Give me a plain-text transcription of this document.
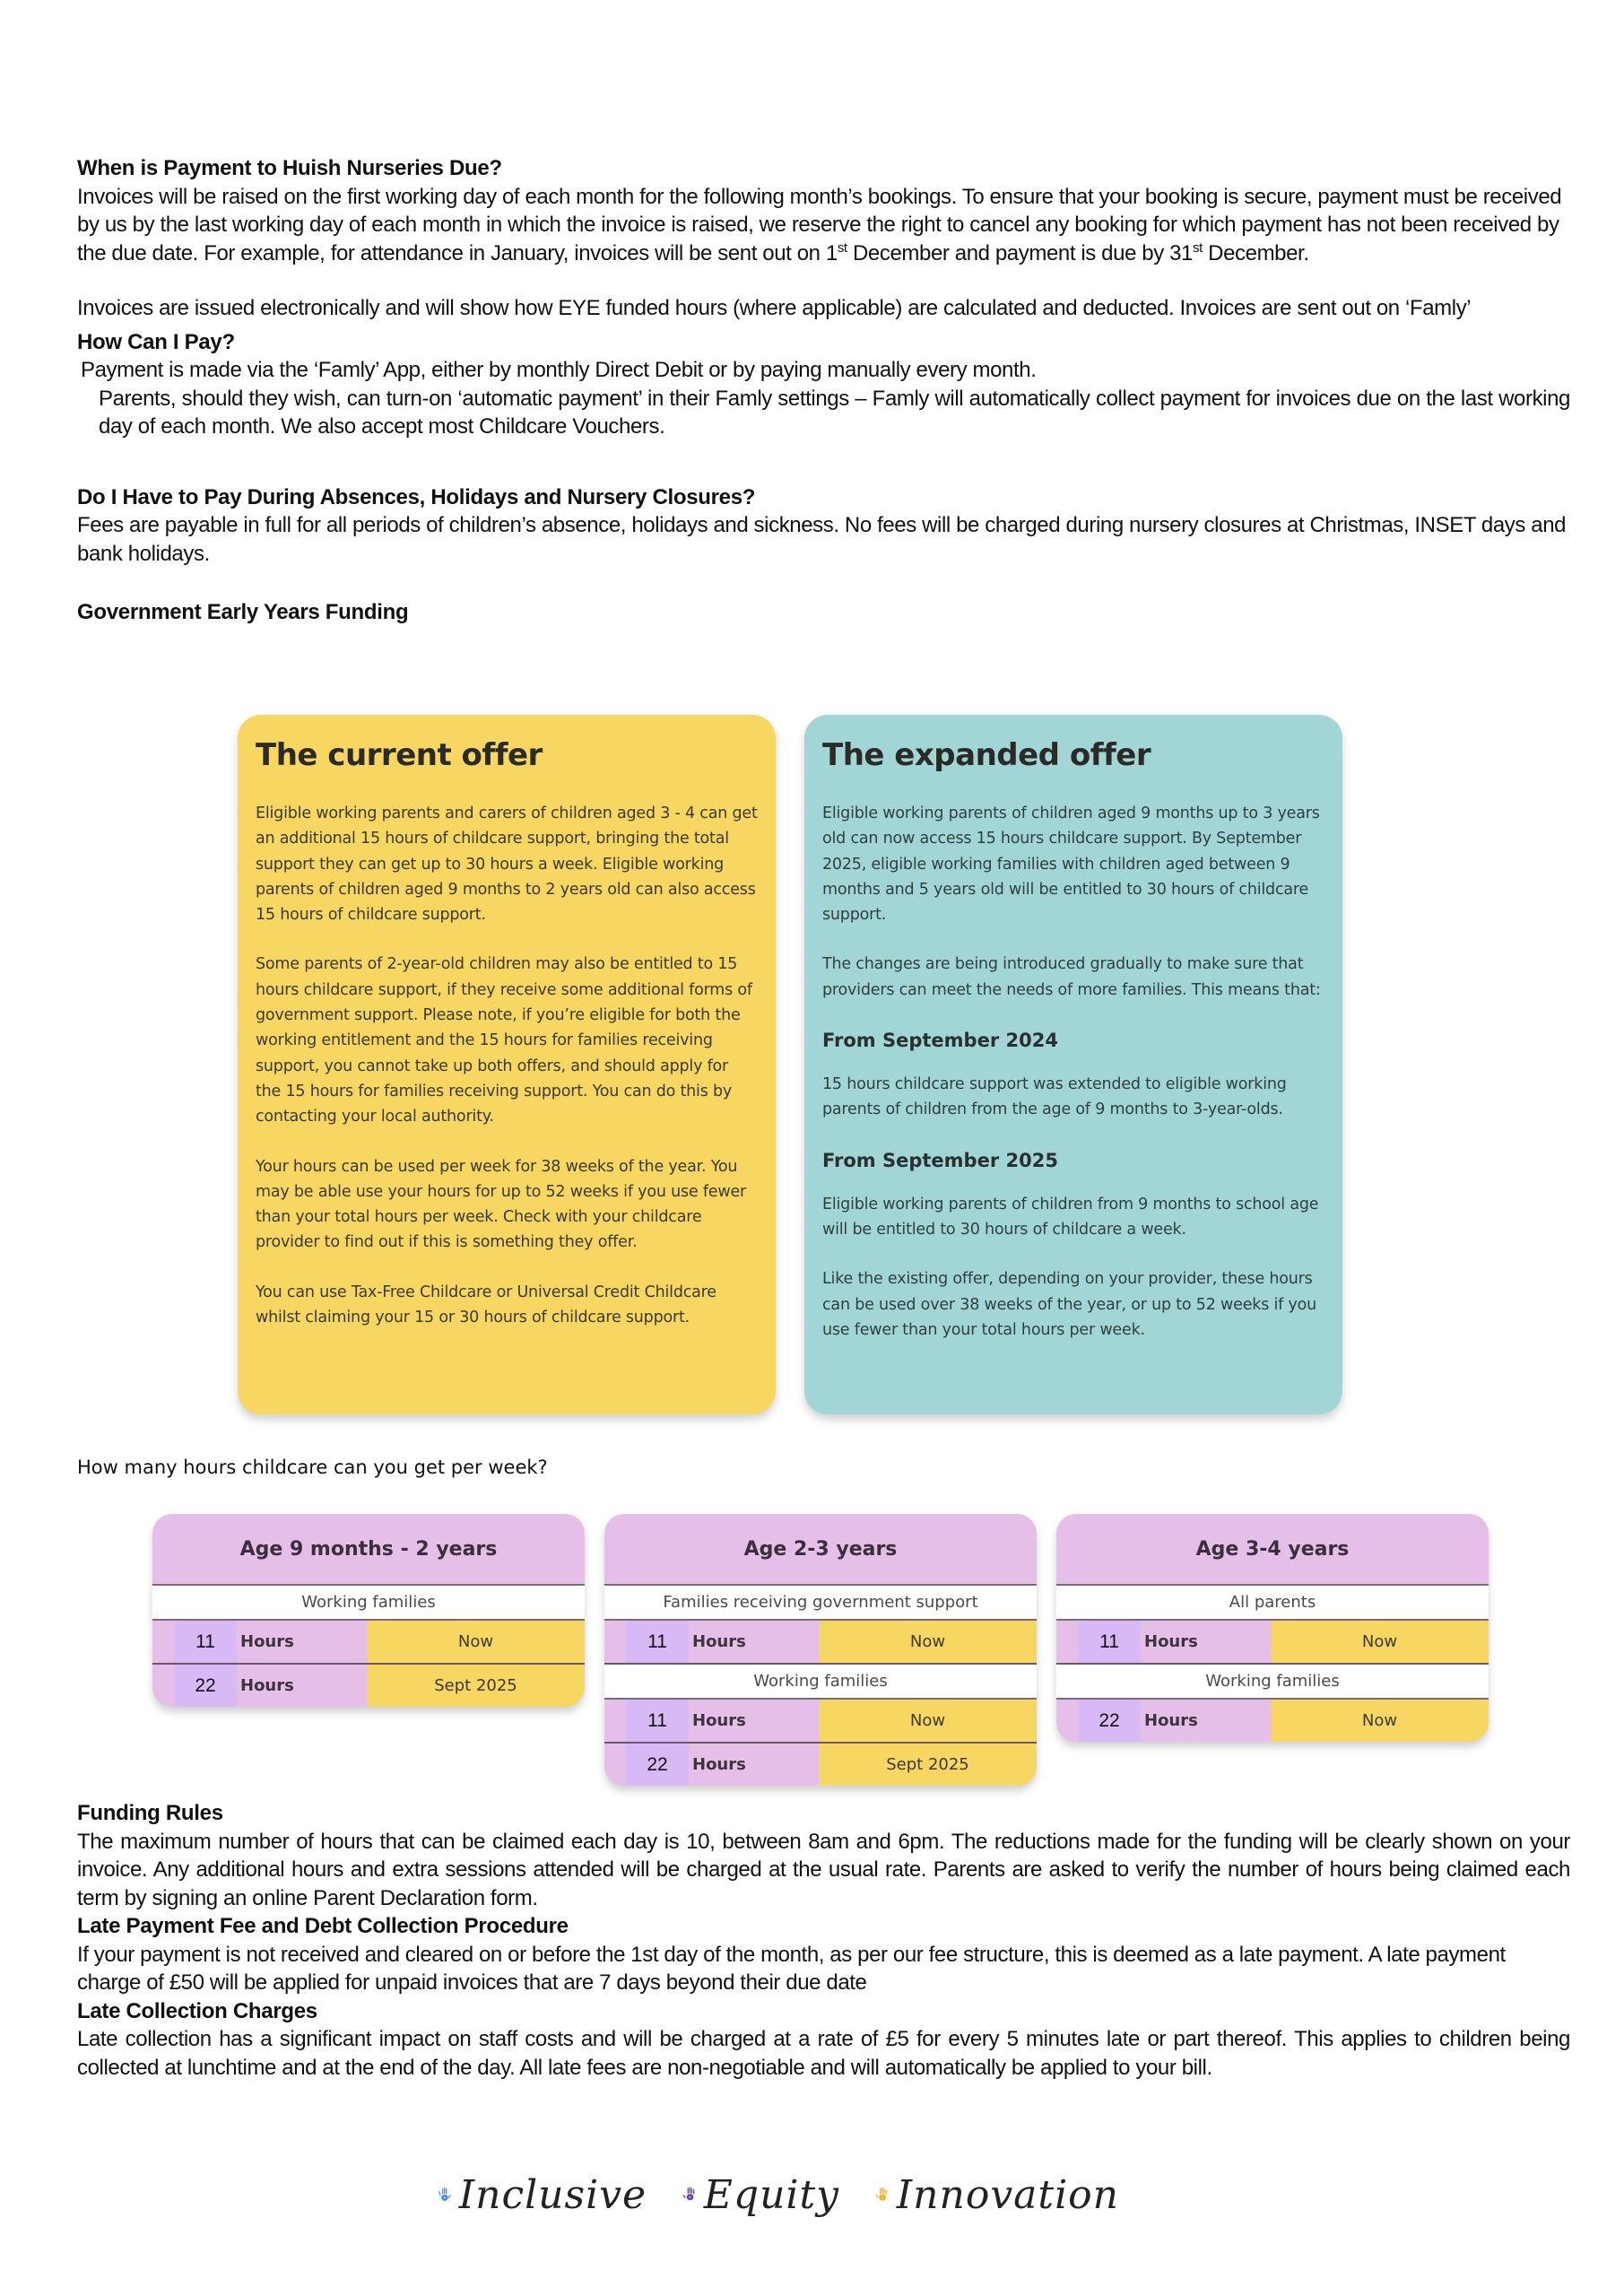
When is Payment to Huish Nurseries Due?

Invoices will be raised on the first working day of each month for the following month’s bookings. To ensure that your booking is secure, payment must be received by us by the last working day of each month in which the invoice is raised, we reserve the right to cancel any booking for which payment has not been received by the due date. For example, for attendance in January, invoices will be sent out on 1st December and payment is due by 31st December.

Invoices are issued electronically and will show how EYE funded hours (where applicable) are calculated and deducted. Invoices are sent out on ‘Famly’

How Can I Pay?

Payment is made via the ‘Famly’ App, either by monthly Direct Debit or by paying manually every month.

Parents, should they wish, can turn-on ‘automatic payment’ in their Famly settings – Famly will automatically collect payment for invoices due on the last working day of each month. We also accept most Childcare Vouchers.

Do I Have to Pay During Absences, Holidays and Nursery Closures?

Fees are payable in full for all periods of children’s absence, holidays and sickness. No fees will be charged during nursery closures at Christmas, INSET days and bank holidays.

Government Early Years Funding

The current offer

Eligible working parents and carers of children aged 3 - 4 can get an additional 15 hours of childcare support, bringing the total support they can get up to 30 hours a week. Eligible working parents of children aged 9 months to 2 years old can also access 15 hours of childcare support.

Some parents of 2-year-old children may also be entitled to 15 hours childcare support, if they receive some additional forms of government support. Please note, if you’re eligible for both the working entitlement and the 15 hours for families receiving support, you cannot take up both offers, and should apply for the 15 hours for families receiving support. You can do this by contacting your local authority.

Your hours can be used per week for 38 weeks of the year. You may be able use your hours for up to 52 weeks if you use fewer than your total hours per week. Check with your childcare provider to find out if this is something they offer.

You can use Tax-Free Childcare or Universal Credit Childcare whilst claiming your 15 or 30 hours of childcare support.

The expanded offer

Eligible working parents of children aged 9 months up to 3 years old can now access 15 hours childcare support. By September 2025, eligible working families with children aged between 9 months and 5 years old will be entitled to 30 hours of childcare support.

The changes are being introduced gradually to make sure that providers can meet the needs of more families. This means that:

From September 2024

15 hours childcare support was extended to eligible working parents of children from the age of 9 months to 3-year-olds.

From September 2025

Eligible working parents of children from 9 months to school age will be entitled to 30 hours of childcare a week.

Like the existing offer, depending on your provider, these hours can be used over 38 weeks of the year, or up to 52 weeks if you use fewer than your total hours per week.

How many hours childcare can you get per week?
Age 9 months - 2 years
Working families
11	Hours	Now
22	Hours	Sept 2025
Age 2-3 years
Families receiving government support
11	Hours	Now
Working families
11	Hours	Now
22	Hours	Sept 2025
Age 3-4 years
All parents
11	Hours	Now
Working families
22	Hours	Now

Funding Rules

The maximum number of hours that can be claimed each day is 10, between 8am and 6pm. The reductions made for the funding will be clearly shown on your invoice. Any additional hours and extra sessions attended will be charged at the usual rate. Parents are asked to verify the number of hours being claimed each term by signing an online Parent Declaration form.

Late Payment Fee and Debt Collection Procedure

If your payment is not received and cleared on or before the 1st day of the month, as per our fee structure, this is deemed as a late payment. A late payment charge of £50 will be applied for unpaid invoices that are 7 days beyond their due date

Late Collection Charges

Late collection has a significant impact on staff costs and will be charged at a rate of £5 for every 5 minutes late or part thereof. This applies to children being collected at lunchtime and at the end of the day. All late fees are non-negotiable and will automatically be applied to your bill.

Inclusive Equity Innovation
